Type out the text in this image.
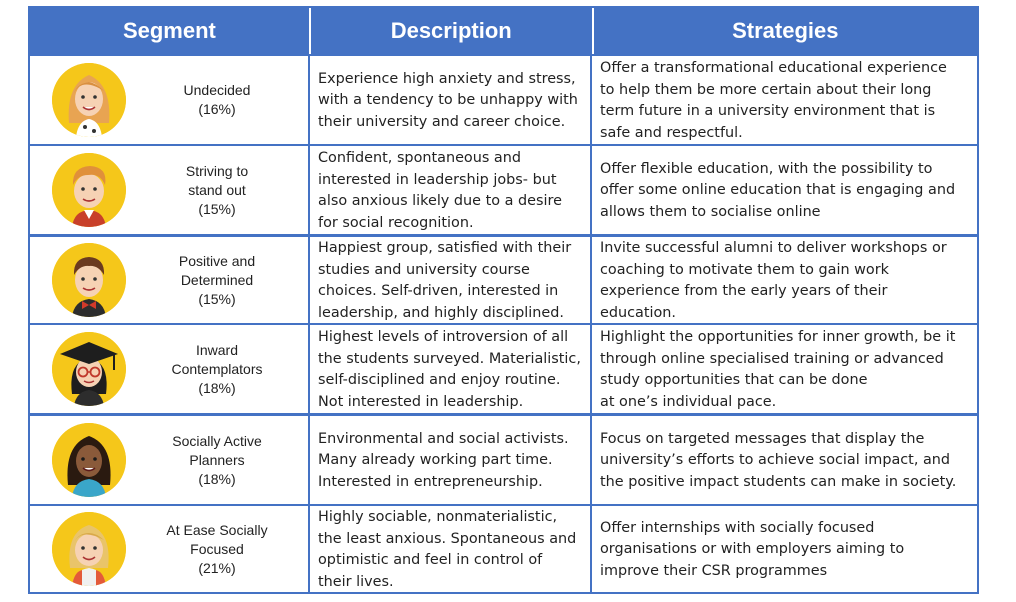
Segment	Description	Strategies
Undecided
(16%)
Experience high anxiety and stress,
with a tendency to be unhappy with
their university and career choice.
Offer a transformational educational experience
to help them be more certain about their long
term future in a university environment that is
safe and respectful.
Striving to
stand out
(15%)
Confident, spontaneous and
interested in leadership jobs- but
also anxious likely due to a desire
for social recognition.
Offer flexible education, with the possibility to
offer some online education that is engaging and
allows them to socialise online
Positive and
Determined
(15%)
Happiest group, satisfied with their
studies and university course
choices. Self-driven, interested in
leadership, and highly disciplined.
Invite successful alumni to deliver workshops or
coaching to motivate them to gain work
experience from the early years of their
education.
Inward
Contemplators
(18%)
Highest levels of introversion of all
the students surveyed. Materialistic,
self-disciplined and enjoy routine.
Not interested in leadership.
Highlight the opportunities for inner growth, be it
through online specialised training or advanced
study opportunities that can be done
at one’s individual pace.
Socially Active
Planners
(18%)
Environmental and social activists.
Many already working part time.
Interested in entrepreneurship.
Focus on targeted messages that display the
university’s efforts to achieve social impact, and
the positive impact students can make in society.
At Ease Socially
Focused
(21%)
Highly sociable, nonmaterialistic,
the least anxious. Spontaneous and
optimistic and feel in control of
their lives.
Offer internships with socially focused
organisations or with employers aiming to
improve their CSR programmes
